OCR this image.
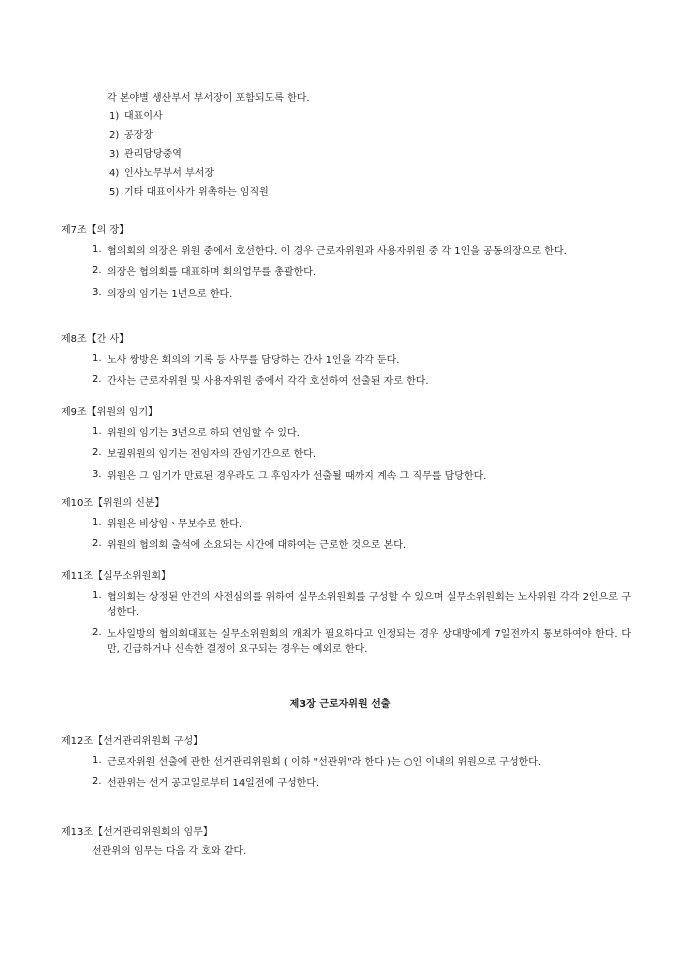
각 본야별 생산부서 부서장이 포함되도록 한다.

1) 대표이사
2) 공장장
3) 관리담당중역
4) 인사노무부서 부서장
5) 기타 대표이사가 위촉하는 임직원

제7조【의 장】

1. 협의회의 의장은 위원 중에서 호선한다. 이 경우 근로자위원과 사용자위원 중 각 1인을 공동의장으로 한다.
2. 의장은 협의회를 대표하며 회의업무를 총괄한다.
3. 의장의 임기는 1년으로 한다.

제8조【간 사】

1. 노사 쌍방은 회의의 기록 등 사무를 담당하는 간사 1인을 각각 둔다.
2. 간사는 근로자위원 및 사용자위원 중에서 각각 호선하여 선출된 자로 한다.

제9조【위원의 임기】

1. 위원의 임기는 3년으로 하되 연임할 수 있다.
2. 보궐위원의 임기는 전임자의 잔임기간으로 한다.
3. 위원은 그 임기가 만료된 경우라도 그 후임자가 선출될 때까지 계속 그 직무를 담당한다.

제10조【위원의 신분】

1. 위원은 비상임ㆍ무보수로 한다.
2. 위원의 협의회 출석에 소요되는 시간에 대하여는 근로한 것으로 본다.

제11조【실무소위원회】

1. 협의회는 상정된 안건의 사전심의를 위하여 실무소위원회를 구성할 수 있으며 실무소위원회는 노사위원 각각 2인으로 구성한다.
2. 노사일방의 협의회대표는 실무소위원회의 개최가 필요하다고 인정되는 경우 상대방에게 7일전까지 통보하여야 한다. 다만, 긴급하거나 신속한 결정이 요구되는 경우는 예외로 한다.
제3장 근로자위원 선출

제12조【선거관리위원회 구성】

1. 근로자위원 선출에 관한 선거관리위원회 ( 이하 "선관위"라 한다 )는 ○인 이내의 위원으로 구성한다.
2. 선관위는 선거 공고일로부터 14일전에 구성한다.

제13조【선거관리위원회의 임무】

선관위의 임무는 다음 각 호와 같다.
